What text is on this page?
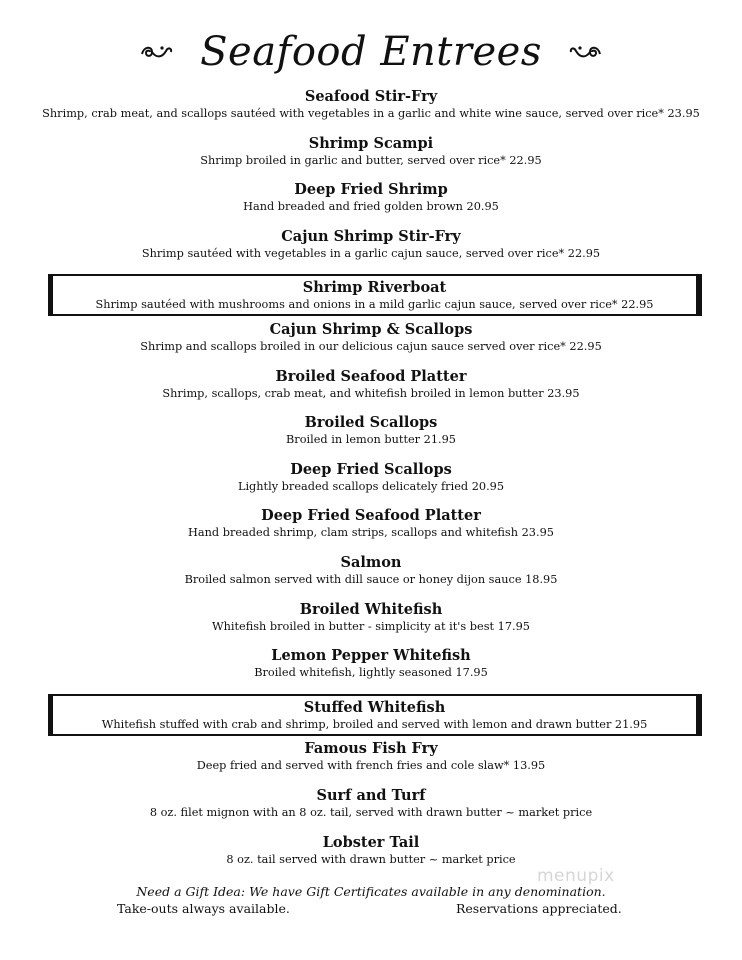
Seafood Entrees
Seafood Stir-Fry
Shrimp, crab meat, and scallops sautéed with vegetables in a garlic and white wine sauce, served over rice* 23.95
Shrimp Scampi
Shrimp broiled in garlic and butter, served over rice* 22.95
Deep Fried Shrimp
Hand breaded and fried golden brown 20.95
Cajun Shrimp Stir-Fry
Shrimp sautéed with vegetables in a garlic cajun sauce, served over rice* 22.95
Shrimp Riverboat
Shrimp sautéed with mushrooms and onions in a mild garlic cajun sauce, served over rice* 22.95
Cajun Shrimp & Scallops
Shrimp and scallops broiled in our delicious cajun sauce served over rice* 22.95
Broiled Seafood Platter
Shrimp, scallops, crab meat, and whitefish broiled in lemon butter 23.95
Broiled Scallops
Broiled in lemon butter 21.95
Deep Fried Scallops
Lightly breaded scallops delicately fried 20.95
Deep Fried Seafood Platter
Hand breaded shrimp, clam strips, scallops and whitefish 23.95
Salmon
Broiled salmon served with dill sauce or honey dijon sauce 18.95
Broiled Whitefish
Whitefish broiled in butter - simplicity at it's best 17.95
Lemon Pepper Whitefish
Broiled whitefish, lightly seasoned 17.95
Stuffed Whitefish
Whitefish stuffed with crab and shrimp, broiled and served with lemon and drawn butter 21.95
Famous Fish Fry
Deep fried and served with french fries and cole slaw* 13.95
Surf and Turf
8 oz. filet mignon with an 8 oz. tail, served with drawn butter ~ market price
Lobster Tail
8 oz. tail served with drawn butter ~ market price
menupix
Need a Gift Idea: We have Gift Certificates available in any denomination.
Take-outs always available.	Reservations appreciated.
